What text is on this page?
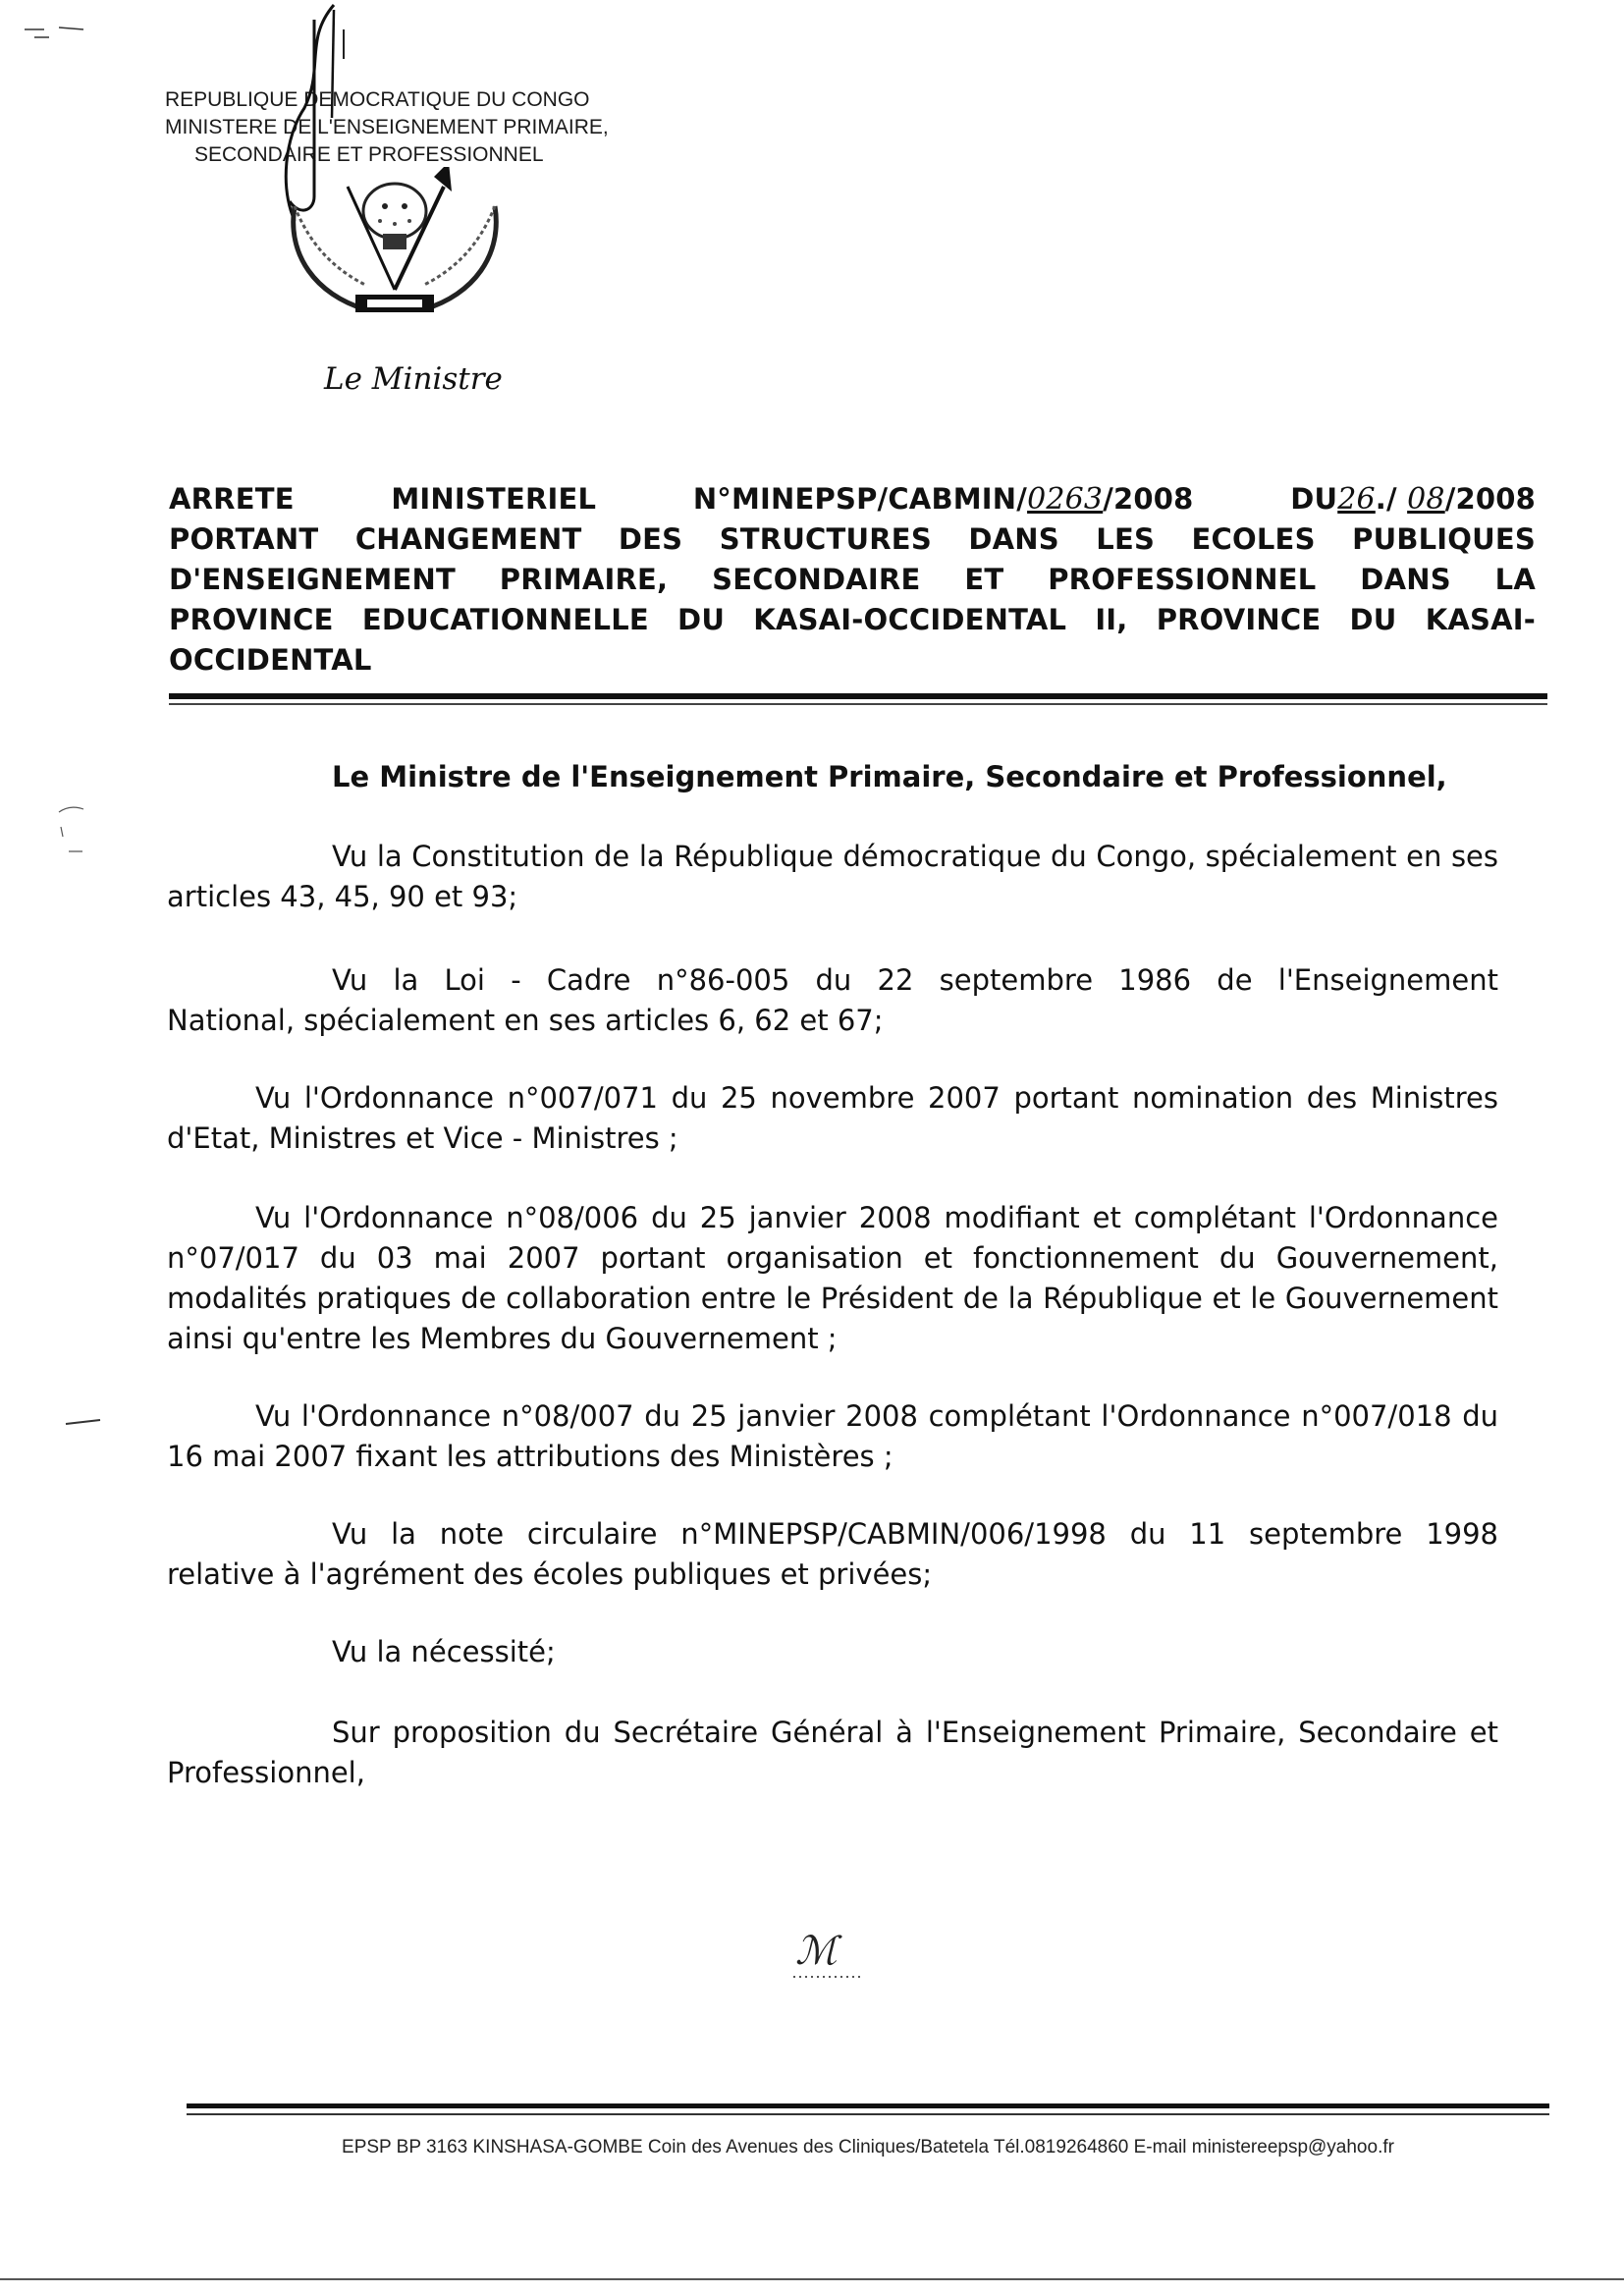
REPUBLIQUE DEMOCRATIQUE DU CONGO
MINISTERE DE L'ENSEIGNEMENT PRIMAIRE,
SECONDAIRE ET PROFESSIONNEL
Le Ministre
ARRETE	MINISTERIEL	N°MINEPSP/CABMIN/0263/2008	DU26./ 08/2008
PORTANT CHANGEMENT DES STRUCTURES DANS LES ECOLES PUBLIQUES
D'ENSEIGNEMENT PRIMAIRE, SECONDAIRE ET PROFESSIONNEL DANS LA
PROVINCE EDUCATIONNELLE DU KASAI-OCCIDENTAL II, PROVINCE DU KASAI-
OCCIDENTAL
Le Ministre de l'Enseignement Primaire, Secondaire et Professionnel,
Vu la Constitution de la République démocratique du Congo, spécialement en ses
articles 43, 45, 90 et 93;
Vu la Loi - Cadre n°86-005 du 22 septembre 1986 de l'Enseignement
National, spécialement en ses articles 6, 62 et 67;
Vu l'Ordonnance n°007/071 du 25 novembre 2007 portant nomination des Ministres
d'Etat, Ministres et Vice - Ministres ;
Vu l'Ordonnance n°08/006 du 25 janvier 2008 modifiant et complétant l'Ordonnance
n°07/017 du 03 mai 2007 portant organisation et fonctionnement du Gouvernement,
modalités pratiques de collaboration entre le Président de la République et le Gouvernement
ainsi qu'entre les Membres du Gouvernement ;
Vu l'Ordonnance n°08/007 du 25 janvier 2008 complétant l'Ordonnance n°007/018 du
16 mai 2007 fixant les attributions des Ministères ;
Vu la note circulaire n°MINEPSP/CABMIN/006/1998 du 11 septembre 1998
relative à l'agrément des écoles publiques et privées;
Vu la nécessité;
Sur proposition du Secrétaire Général à l'Enseignement Primaire, Secondaire et
Professionnel,
ℳ
EPSP BP 3163 KINSHASA-GOMBE Coin des Avenues des Cliniques/Batetela Tél.0819264860 E-mail ministereepsp@yahoo.fr
